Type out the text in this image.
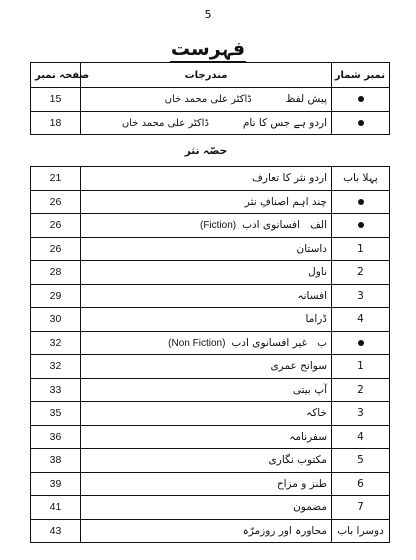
5
فہرست
نمبر شمار	مندرجات	صفحہ نمبر
	پیش لفظڈاکٹر علی محمد خاں	15
	اردو ہے جس کا نامڈاکٹر علی محمد خاں	18
	حصّہ نثر	
پہلا باب	اردو نثر کا تعارف	21
	چند اہم اصنافِ نثر	26
	الفافسانوی ادب(Fiction)	26
1	داستان	26
2	ناول	28
3	افسانہ	29
4	ڈراما	30
	بغیر افسانوی ادب(Non Fiction)	32
1	سوانح عمری	32
2	آپ بیتی	33
3	خاکہ	35
4	سفرنامہ	36
5	مکتوب نگاری	38
6	طنز و مزاح	39
7	مضمون	41
دوسرا باب	محاورہ اور روزمرّہ	43
